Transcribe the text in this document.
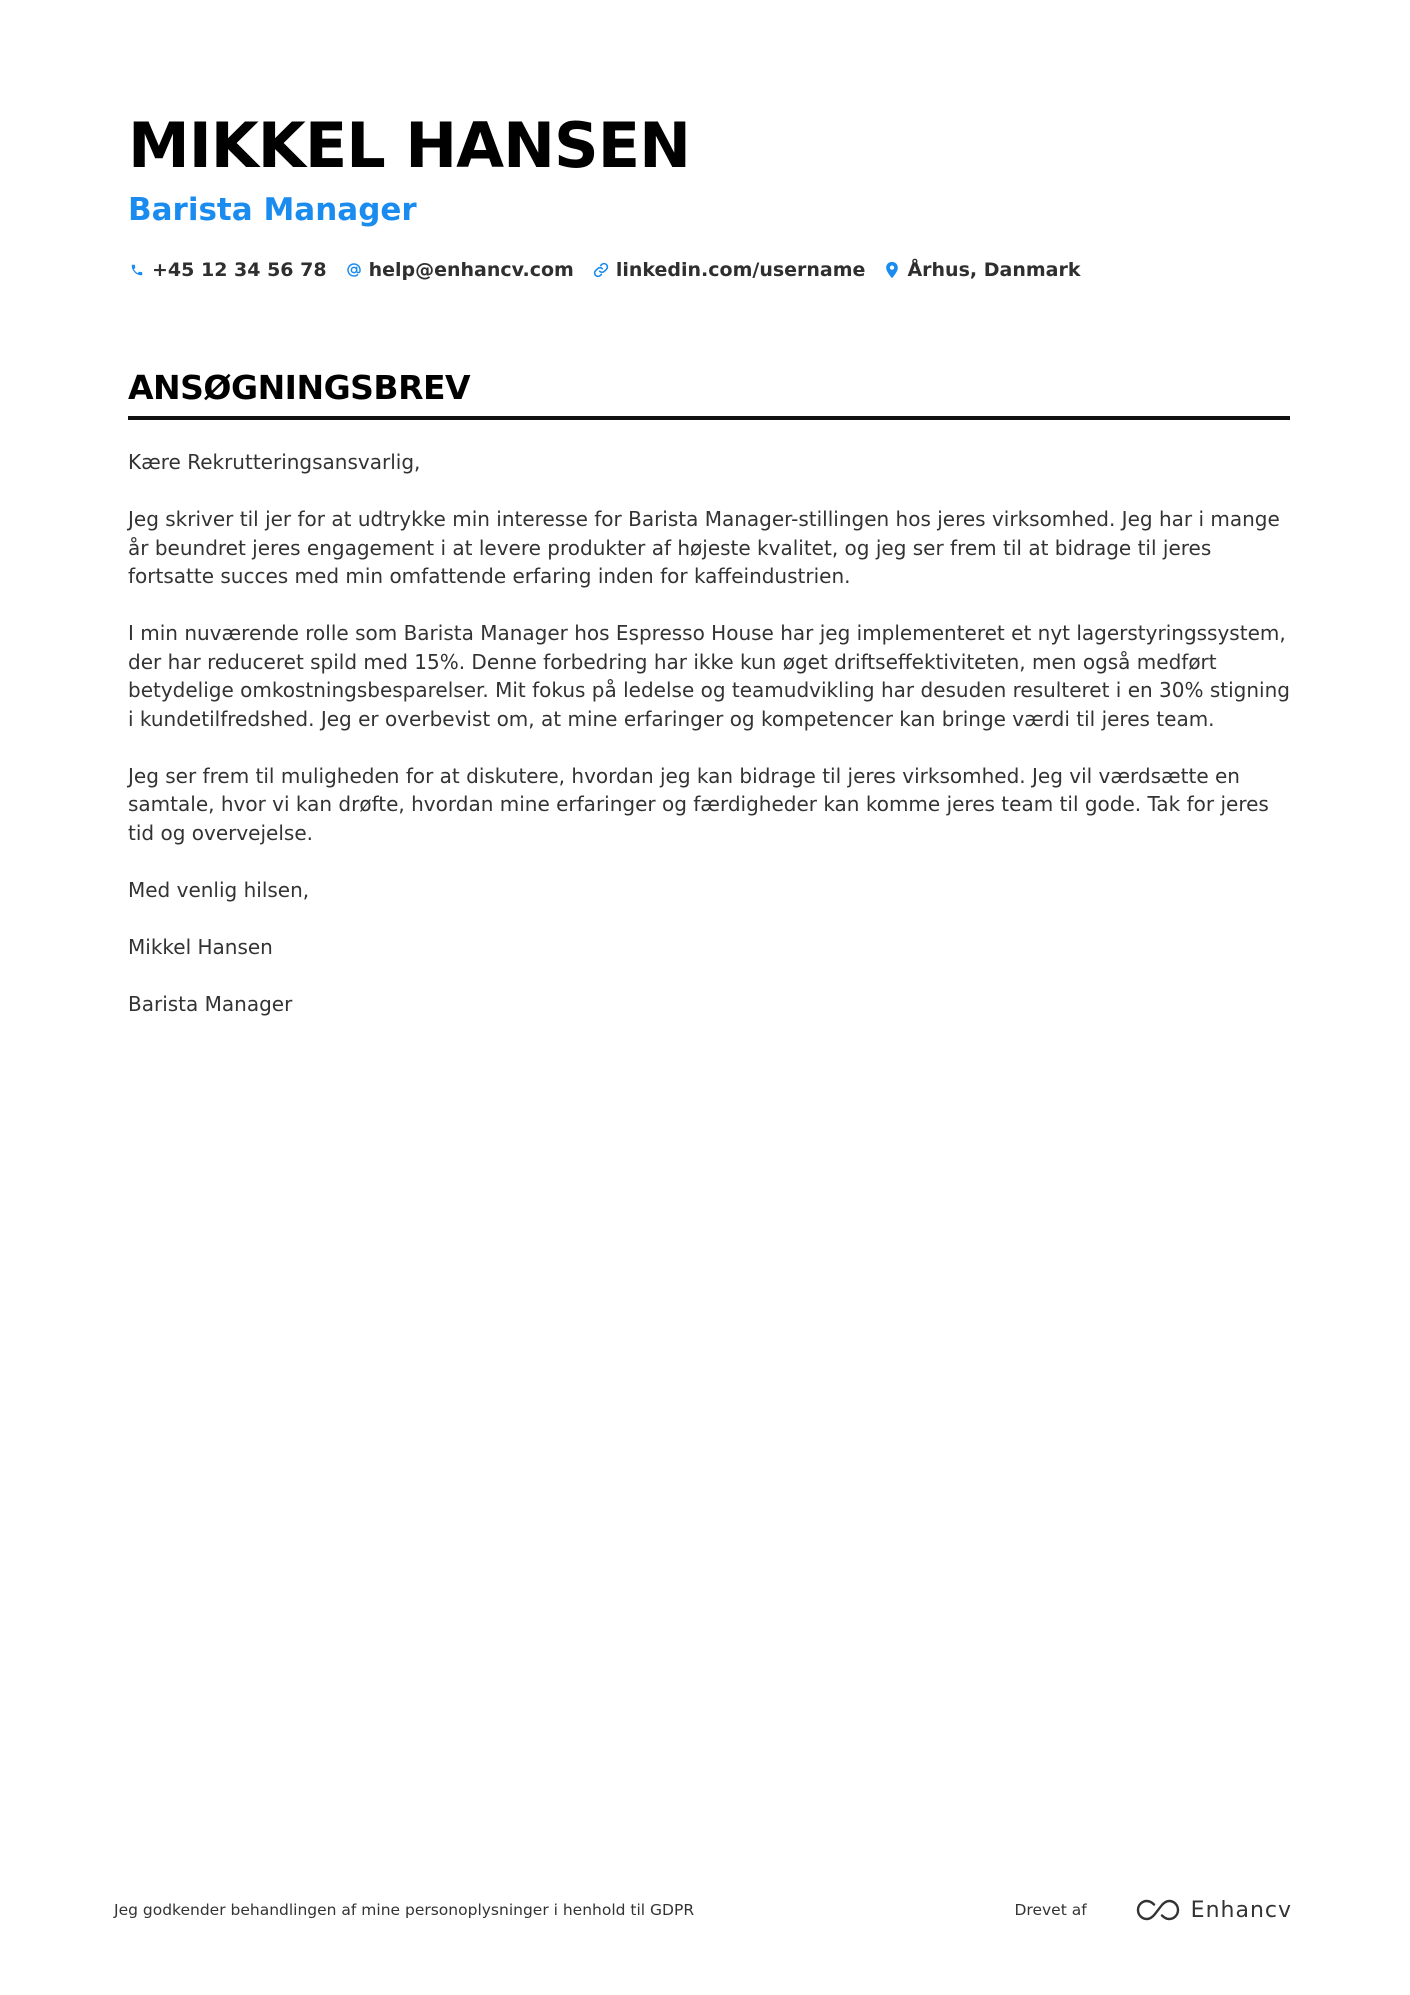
MIKKEL HANSEN
Barista Manager
+45 12 34 56 78 help@enhancv.com linkedin.com/username Århus, Danmark
ANSØGNINGSBREV

Kære Rekrutteringsansvarlig,

Jeg skriver til jer for at udtrykke min interesse for Barista Manager-stillingen hos jeres virksomhed. Jeg har i mange år beundret jeres engagement i at levere produkter af højeste kvalitet, og jeg ser frem til at bidrage til jeres fortsatte succes med min omfattende erfaring inden for kaffeindustrien.

I min nuværende rolle som Barista Manager hos Espresso House har jeg implementeret et nyt lagerstyringssystem, der har reduceret spild med 15%. Denne forbedring har ikke kun øget driftseffektiviteten, men også medført betydelige omkostningsbesparelser. Mit fokus på ledelse og teamudvikling har desuden resulteret i en 30% stigning i kundetilfredshed. Jeg er overbevist om, at mine erfaringer og kompetencer kan bringe værdi til jeres team.

Jeg ser frem til muligheden for at diskutere, hvordan jeg kan bidrage til jeres virksomhed. Jeg vil værdsætte en samtale, hvor vi kan drøfte, hvordan mine erfaringer og færdigheder kan komme jeres team til gode. Tak for jeres tid og overvejelse.

Med venlig hilsen,

Mikkel Hansen

Barista Manager

Jeg godkender behandlingen af mine personoplysninger i henhold til GDPR	Drevet af	Enhancv
